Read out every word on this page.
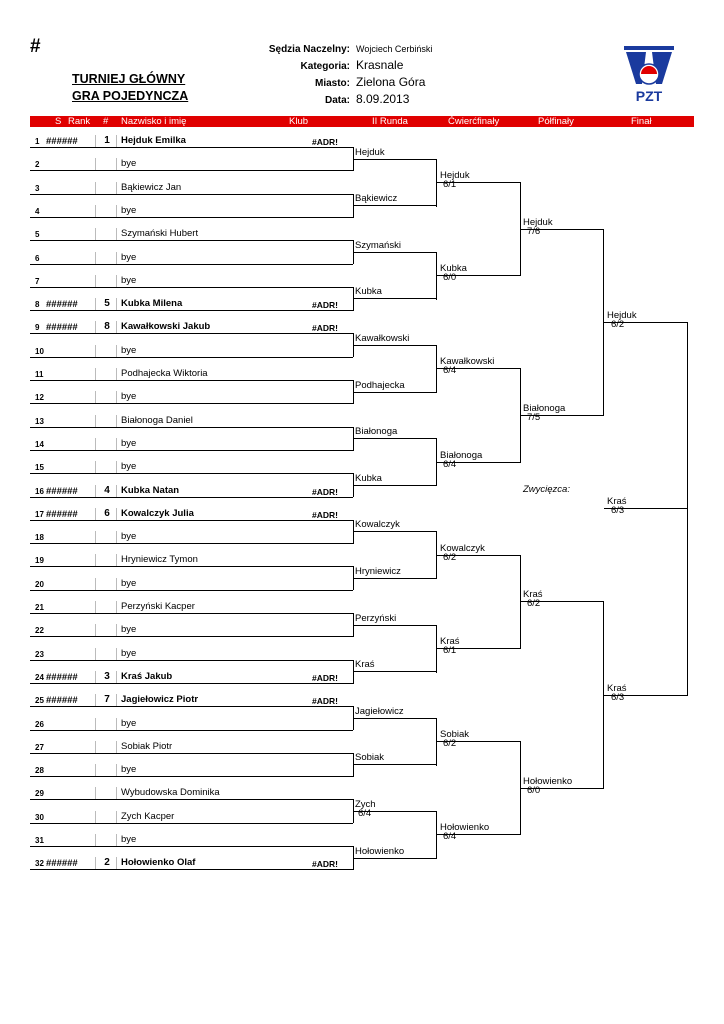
#
TURNIEJ GŁÓWNY
GRA POJEDYNCZA
Sędzia Naczelny: Wojciech Cerbiński
Kategoria: Krasnale
Miasto: Zielona Góra
Data: 8.09.2013	PZT
S Rank # Nazwisko i imię	Klub	II Runda	Ćwierćfinały	Półfinały	Finał
1 ######	1	Hejduk Emilka	#ADR!
2	bye
3	Bąkiewicz Jan
4	bye
5	Szymański Hubert
6	bye
7	bye
8 ######	5	Kubka Milena	#ADR!
9 ######	8	Kawałkowski Jakub	#ADR!
10	bye
11	Podhajecka Wiktoria
12	bye
13	Białonoga Daniel
14	bye
15	bye
16 ######	4	Kubka Natan	#ADR!
17 ######	6	Kowalczyk Julia	#ADR!
18	bye
19	Hryniewicz Tymon
20	bye
21	Perzyński Kacper
22	bye
23	bye
24 ######	3	Kraś Jakub	#ADR!
25 ######	7	Jagiełowicz Piotr	#ADR!
26	bye
27	Sobiak Piotr
28	bye
29	Wybudowska Dominika
30	Zych Kacper
31	bye
32 ######	2	Hołowienko Olaf	#ADR!
Hejduk
Bąkiewicz
Szymański
Kubka
Kawałkowski
Podhajecka
Białonoga
Kubka
Kowalczyk
Hryniewicz
Perzyński
Kraś
Jagiełowicz
Sobiak
Zych
6/4
Hołowienko
Hejduk
6/1
Kubka
6/0
Kawałkowski
6/4
Białonoga
6/4
Kowalczyk
6/2
Kraś
6/1
Sobiak
6/2
Hołowienko
6/4
Hejduk
7/6
Białonoga
7/5
Kraś
6/2
Hołowienko
6/0
Hejduk
6/2
Kraś
6/3
Kraś
6/3
Zwycięzca:
